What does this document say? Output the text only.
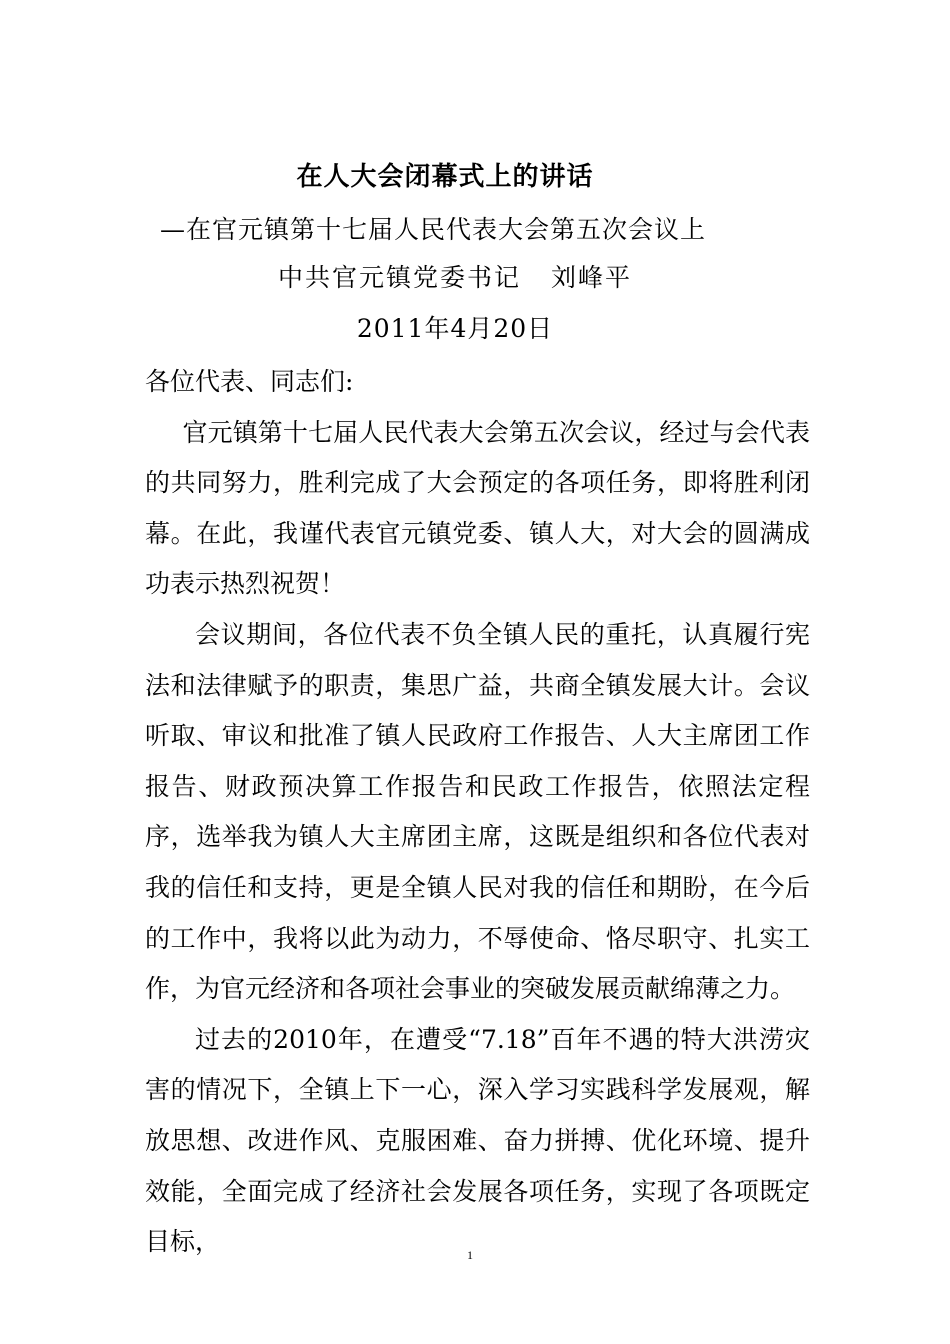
在人大会闭幕式上的讲话
—在官元镇第十七届人民代表大会第五次会议上
中共官元镇党委书记 刘峰平
2011年4月20日

各位代表、同志们:

官元镇第十七届人民代表大会第五次会议，经过与会代表的共同努力，胜利完成了大会预定的各项任务，即将胜利闭幕。在此，我谨代表官元镇党委、镇人大，对大会的圆满成功表示热烈祝贺！

会议期间，各位代表不负全镇人民的重托，认真履行宪法和法律赋予的职责，集思广益，共商全镇发展大计。会议听取、审议和批准了镇人民政府工作报告、人大主席团工作报告、财政预决算工作报告和民政工作报告，依照法定程序，选举我为镇人大主席团主席，这既是组织和各位代表对我的信任和支持，更是全镇人民对我的信任和期盼，在今后的工作中，我将以此为动力，不辱使命、恪尽职守、扎实工作，为官元经济和各项社会事业的突破发展贡献绵薄之力。

过去的2010年，在遭受“7.18”百年不遇的特大洪涝灾害的情况下，全镇上下一心，深入学习实践科学发展观，解放思想、改进作风、克服困难、奋力拼搏、优化环境、提升效能，全面完成了经济社会发展各项任务，实现了各项既定目标，	1
